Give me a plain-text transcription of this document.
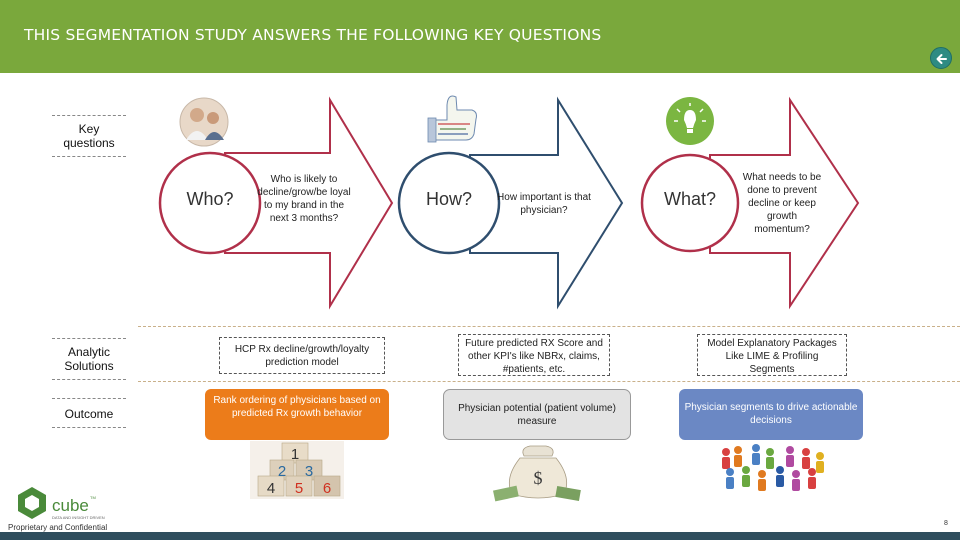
THIS SEGMENTATION STUDY ANSWERS THE FOLLOWING KEY QUESTIONS
Key questions
Analytic Solutions
Outcome
1
2 3
4 5 6
$
cube TM
DATA AND INSIGHT DRIVEN
Who?	How?	What?
Who is likely to decline/grow/be loyal to my brand in the next 3 months?
How important is that physician?
What needs to be done to prevent decline or keep growth momentum?
HCP Rx decline/growth/loyalty prediction model
Future predicted RX Score and other KPI's like NBRx, claims, #patients, etc.
Model Explanatory Packages Like LIME & Profiling Segments
Rank ordering of physicians based on predicted Rx growth behavior	Physician potential (patient volume) measure
Physician segments to drive actionable decisions
Proprietary and Confidential	8
